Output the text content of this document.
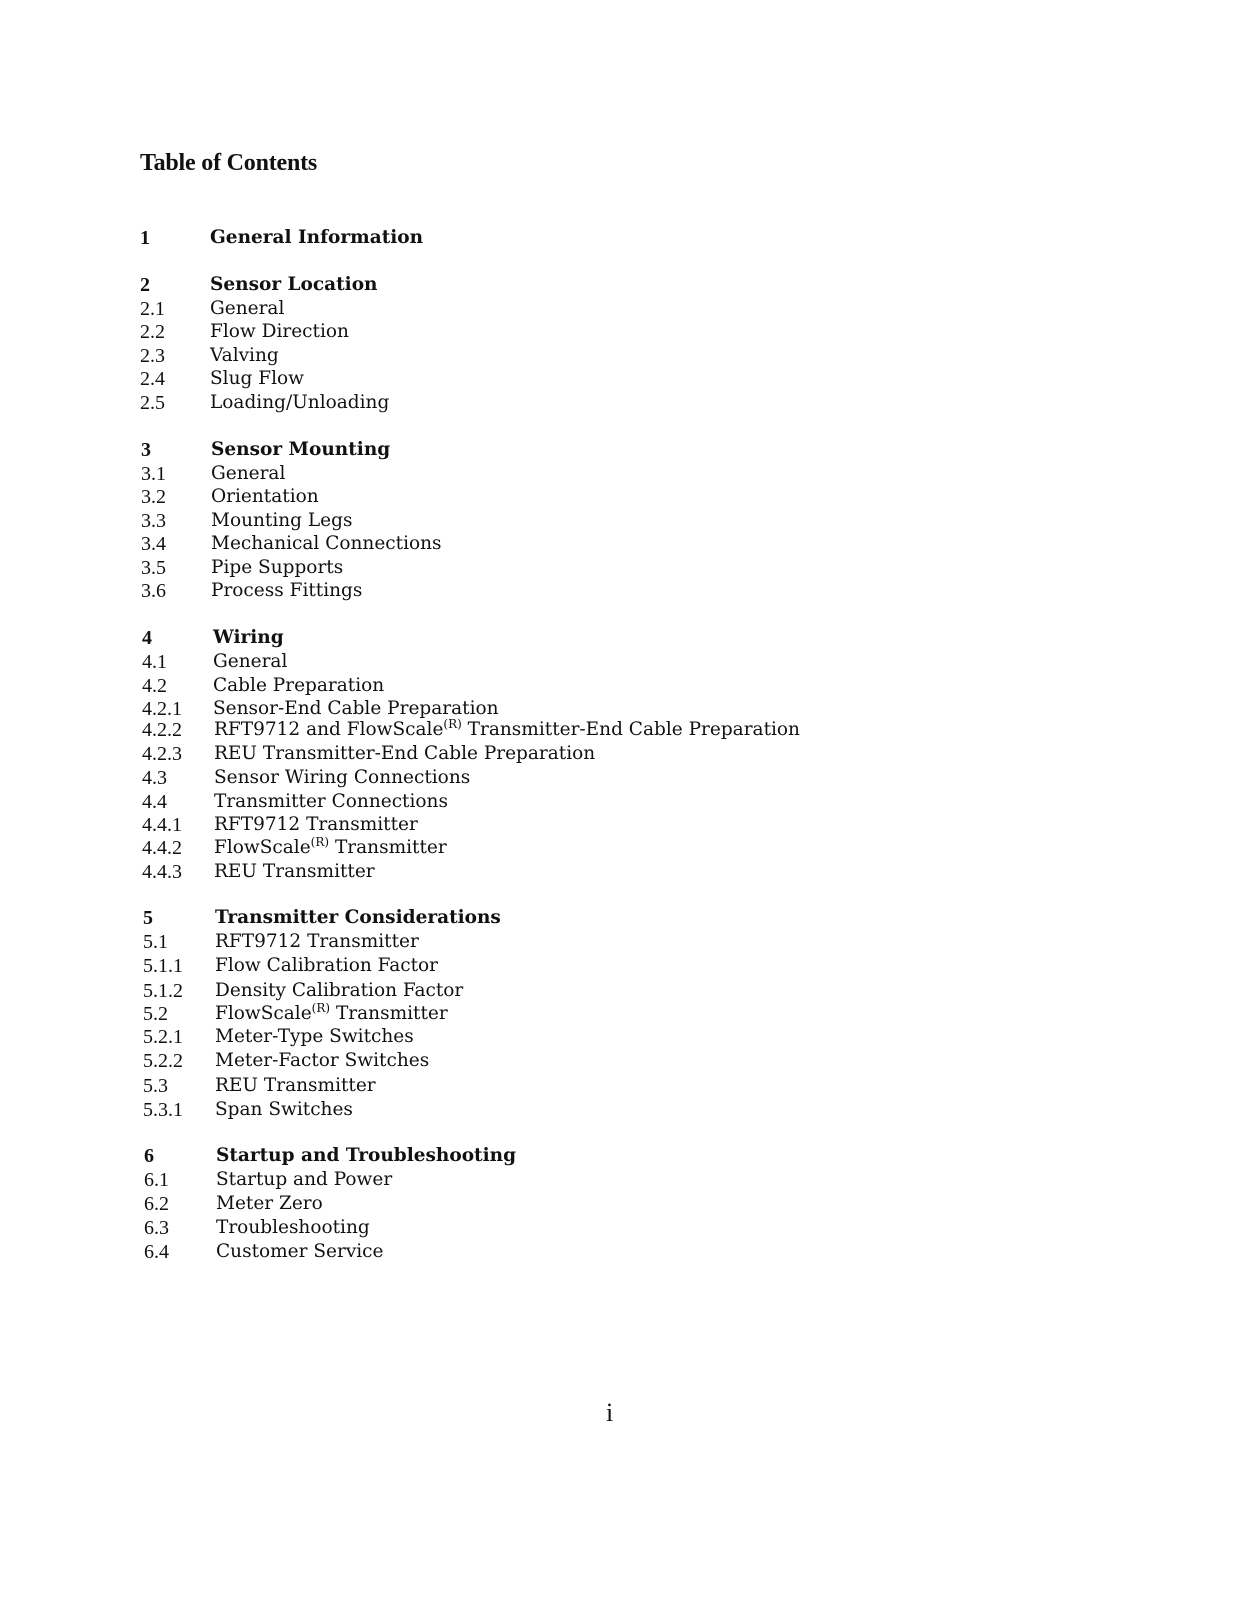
Table of Contents
1	General Information
2	Sensor Location
2.1 General
2.2 Flow Direction
2.3 Valving
2.4 Slug Flow
2.5 Loading/Unloading
3	Sensor Mounting
3.1 General
3.2 Orientation
3.3 Mounting Legs
3.4 Mechanical Connections
3.5 Pipe Supports
3.6 Process Fittings
4	Wiring
4.1 General
4.2 Cable Preparation
4.2.1 Sensor-End Cable Preparation
4.2.2 RFT9712 and FlowScale$^{(R)}$ Transmitter-End Cable Preparation
4.2.3 REU Transmitter-End Cable Preparation
4.3	Sensor Wiring Connections
4.4	Transmitter Connections
4.4.1 RFT9712 Transmitter
4.4.2 FlowScale$^{(R)}$ Transmitter
4.4.3 REU Transmitter
5	Transmitter Considerations
5.1	RFT9712 Transmitter
5.1.1 Flow Calibration Factor
5.1.2 Density Calibration Factor
5.2	FlowScale$^{(R)}$ Transmitter
5.2.1 Meter-Type Switches
5.2.2 Meter-Factor Switches
5.3	REU Transmitter
5.3.1 Span Switches
6	Startup and Troubleshooting
6.1	Startup and Power
6.2	Meter Zero
6.3	Troubleshooting
6.4	Customer Service
i
